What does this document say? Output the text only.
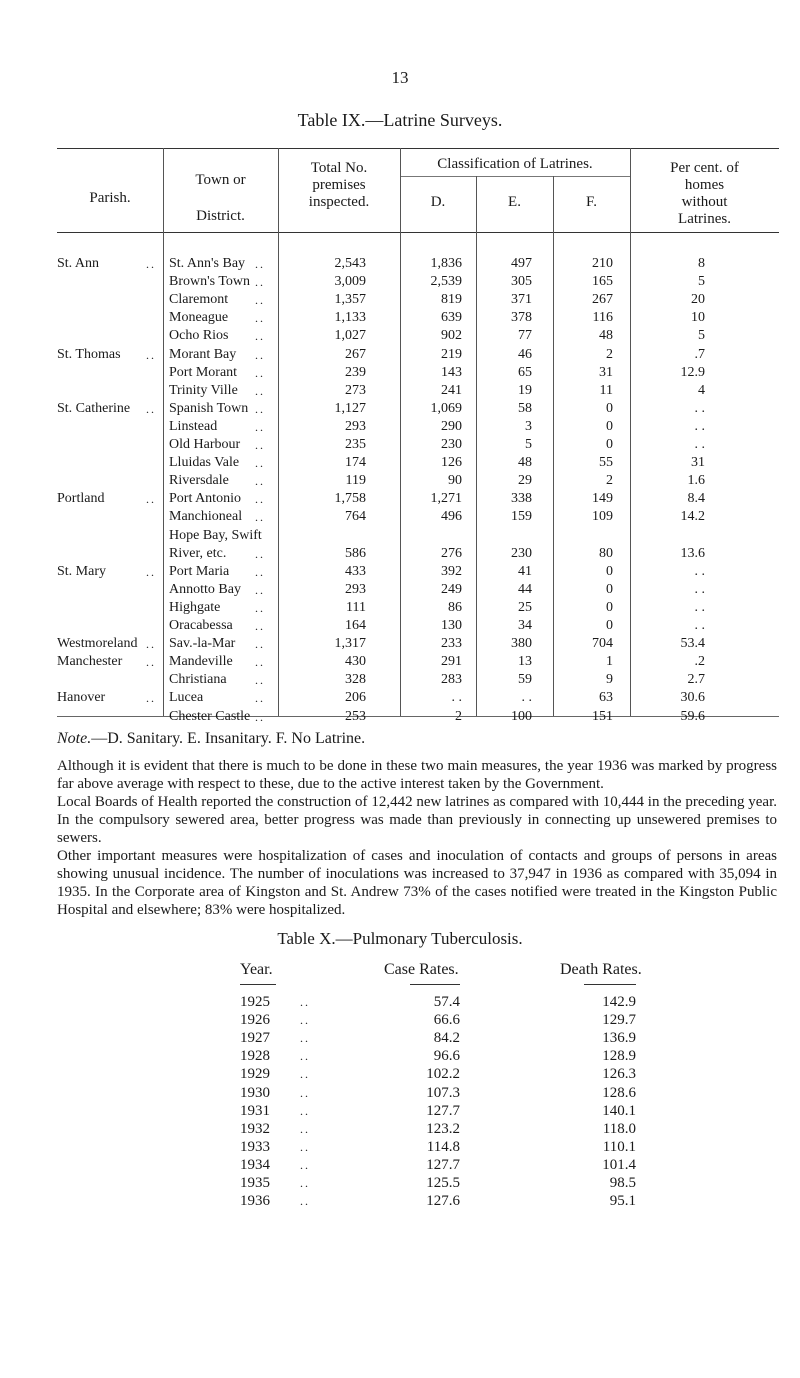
13
Table IX.—Latrine Surveys.
Parish.
Town or
District.
Total No.
premises
inspected.
Classification of Latrines.
D.	E.	F.
Per cent. of
homes
without
Latrines.
St. Ann	.. St. Ann's Bay ..	2,543	1,836	497	210	8
Brown's Town ..	3,009	2,539	305	165	5
Claremont ..	1,357	819	371	267	20
Moneague ..	1,133	639	378	116	10
Ocho Rios ..	1,027	902	77	48	5
St. Thomas .. Morant Bay ..	267	219	46	2	.7
Port Morant ..	239	143	65	31	12.9
Trinity Ville ..	273	241	19	11	4
St. Catherine .. Spanish Town ..	1,127	1,069	58	0	. .
Linstead	..	293	290	3	0	. .
Old Harbour ..	235	230	5	0	. .
Lluidas Vale ..	174	126	48	55	31
Riversdale ..	119	90	29	2	1.6
Portland	.. Port Antonio ..	1,758	1,271	338	149	8.4
Manchioneal ..	764	496	159	109	14.2
Hope Bay, Swift
River, etc. ..	586	276	230	80	13.6
St. Mary	.. Port Maria ..	433	392	41	0	. .
Annotto Bay ..	293	249	44	0	. .
Highgate	..	111	86	25	0	. .
Oracabessa ..	164	130	34	0	. .
Westmoreland .. Sav.-la-Mar ..	1,317	233	380	704	53.4
Manchester .. Mandeville ..	430	291	13	1	.2
Christiana ..	328	283	59	9	2.7
Hanover	.. Lucea	..	206	. .	. .	63	30.6
Chester Castle ..	253	2	100	151	59.6
Note.—D. Sanitary. E. Insanitary. F. No Latrine.

Although it is evident that there is much to be done in these two main measures, the year 1936 was marked by progress far above average with respect to these, due to the active interest taken by the Government.

Local Boards of Health reported the construction of 12,442 new latrines as compared with 10,444 in the preceding year. In the compulsory sewered area, better progress was made than previously in connecting up unsewered premises to sewers.

Other important measures were hospitalization of cases and inoculation of contacts and groups of persons in areas showing unusual incidence. The number of inoculations was increased to 37,947 in 1936 as compared with 35,094 in 1935. In the Corporate area of Kingston and St. Andrew 73% of the cases notified were treated in the Kingston Public Hospital and elsewhere; 83% were hospitalized.

Table X.—Pulmonary Tuberculosis.
Year.	Case Rates.	Death Rates.
1925	57.4	142.9
..
1926	66.6	129.7
..
1927	84.2	136.9
..
1928	96.6	128.9
..
1929	102.2	126.3
..
1930	107.3	128.6
..
1931	127.7	140.1
..
1932	123.2	118.0
..
1933	114.8	110.1
..
1934	127.7	101.4
..
1935	125.5	98.5
..
1936	127.6	95.1
..
